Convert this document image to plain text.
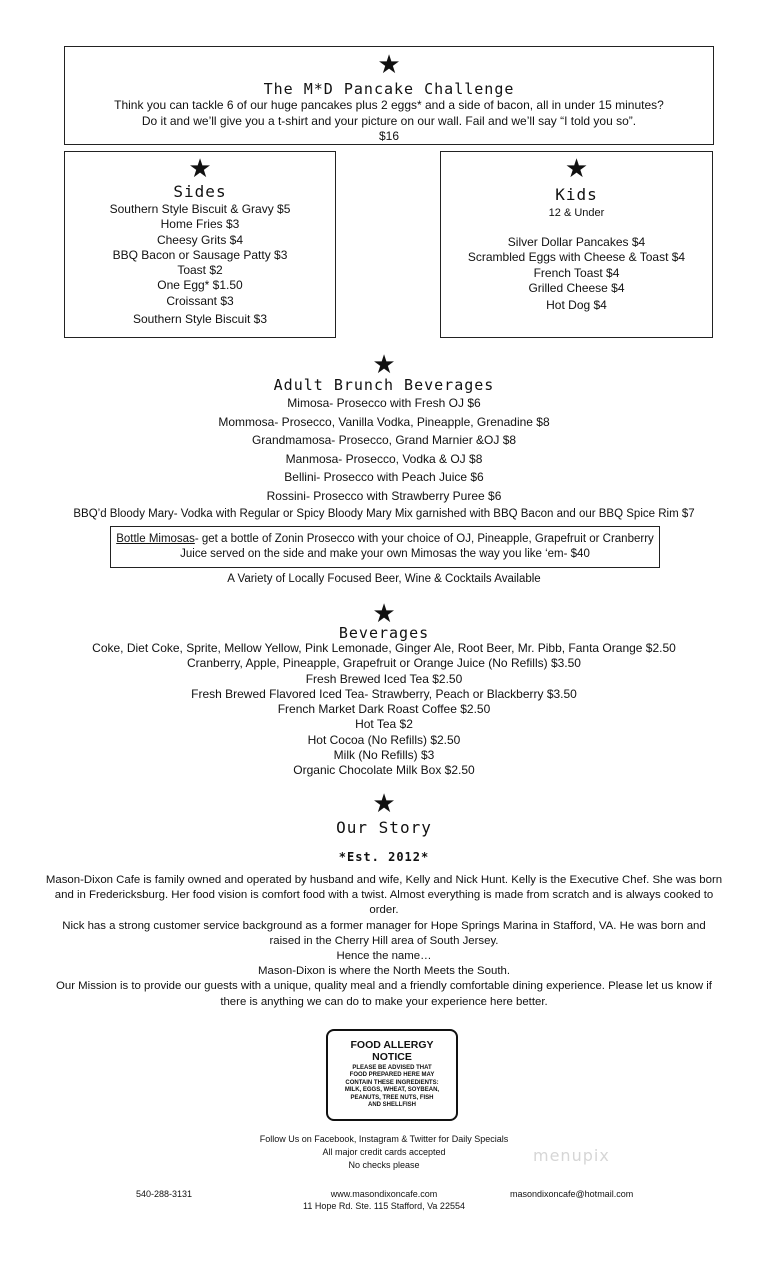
★
The M*D Pancake Challenge
Think you can tackle 6 of our huge pancakes plus 2 eggs* and a side of bacon, all in under 15 minutes?
Do it and we’ll give you a t-shirt and your picture on our wall. Fail and we’ll say “I told you so”.
$16
★
Sides
Southern Style Biscuit & Gravy $5
Home Fries $3
Cheesy Grits $4
BBQ Bacon or Sausage Patty $3
Toast $2
One Egg* $1.50
Croissant $3
Southern Style Biscuit $3
★
Kids
12 & Under
Silver Dollar Pancakes $4
Scrambled Eggs with Cheese & Toast $4
French Toast $4
Grilled Cheese $4
Hot Dog $4
★
Adult Brunch Beverages
Mimosa- Prosecco with Fresh OJ $6
Mommosa- Prosecco, Vanilla Vodka, Pineapple, Grenadine $8
Grandmamosa- Prosecco, Grand Marnier &OJ $8
Manmosa- Prosecco, Vodka & OJ $8
Bellini- Prosecco with Peach Juice $6
Rossini- Prosecco with Strawberry Puree $6
BBQ’d Bloody Mary- Vodka with Regular or Spicy Bloody Mary Mix garnished with BBQ Bacon and our BBQ Spice Rim $7
Bottle Mimosas- get a bottle of Zonin Prosecco with your choice of OJ, Pineapple, Grapefruit or Cranberry
Juice served on the side and make your own Mimosas the way you like ‘em- $40
A Variety of Locally Focused Beer, Wine & Cocktails Available
★
Beverages
Coke, Diet Coke, Sprite, Mellow Yellow, Pink Lemonade, Ginger Ale, Root Beer, Mr. Pibb, Fanta Orange $2.50
Cranberry, Apple, Pineapple, Grapefruit or Orange Juice (No Refills) $3.50
Fresh Brewed Iced Tea $2.50
Fresh Brewed Flavored Iced Tea- Strawberry, Peach or Blackberry $3.50
French Market Dark Roast Coffee $2.50
Hot Tea $2
Hot Cocoa (No Refills) $2.50
Milk (No Refills) $3
Organic Chocolate Milk Box $2.50
★
Our Story
*Est. 2012*
Mason-Dixon Cafe is family owned and operated by husband and wife, Kelly and Nick Hunt. Kelly is the Executive Chef. She was born
and in Fredericksburg. Her food vision is comfort food with a twist. Almost everything is made from scratch and is always cooked to
order.
Nick has a strong customer service background as a former manager for Hope Springs Marina in Stafford, VA. He was born and
raised in the Cherry Hill area of South Jersey.
Hence the name…
Mason-Dixon is where the North Meets the South.
Our Mission is to provide our guests with a unique, quality meal and a friendly comfortable dining experience. Please let us know if
there is anything we can do to make your experience here better.
FOOD ALLERGY
NOTICE
PLEASE BE ADVISED THAT
FOOD PREPARED HERE MAY
CONTAIN THESE INGREDIENTS:
MILK, EGGS, WHEAT, SOYBEAN,
PEANUTS, TREE NUTS, FISH
AND SHELLFISH
Follow Us on Facebook, Instagram & Twitter for Daily Specials
All major credit cards accepted
No checks please
540-288-3131	www.masondixoncafe.com
11 Hope Rd. Ste. 115 Stafford, Va 22554
masondixoncafe@hotmail.com
menupix
